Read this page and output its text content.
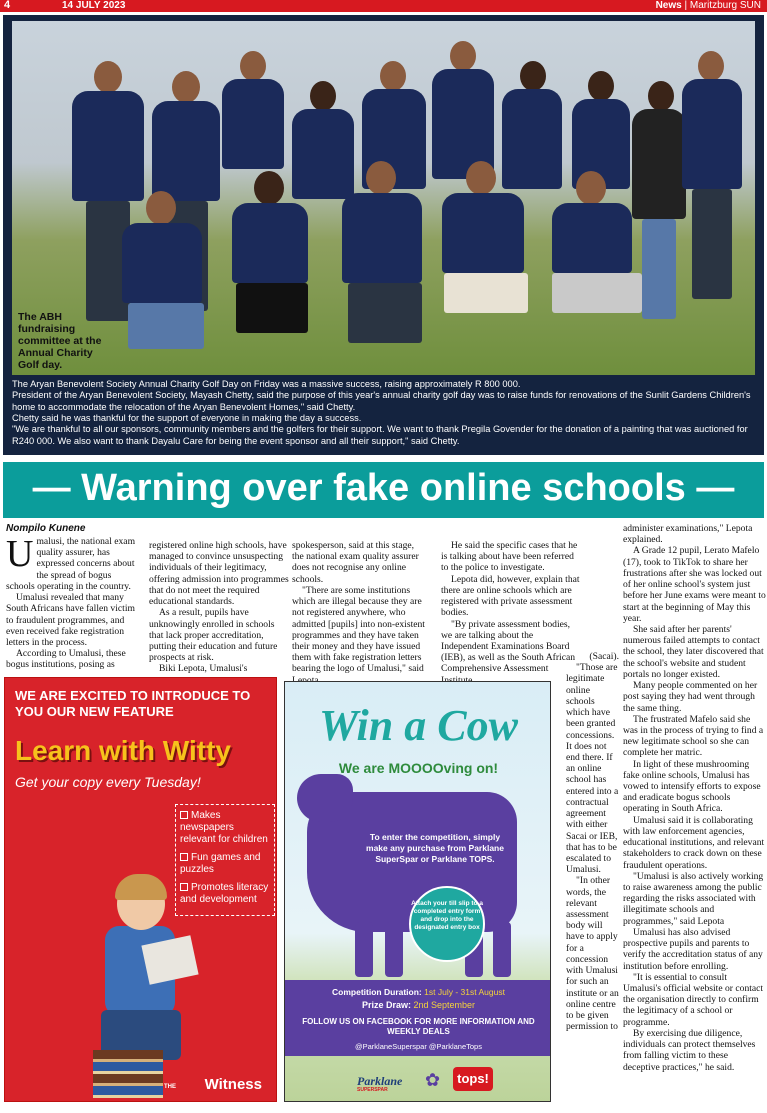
4	14 JULY 2023	News | Maritzburg SUN
The ABH fundraising committee at the Annual Charity Golf day.

The Aryan Benevolent Society Annual Charity Golf Day on Friday was a massive success, raising approximately R 800 000.

President of the Aryan Benevolent Society, Mayash Chetty, said the purpose of this year's annual charity golf day was to raise funds for renovations of the Sunlit Gardens Children's home to accommodate the relocation of the Aryan Benevolent Homes," said Chetty.

Chetty said he was thankful for the support of everyone in making the day a success.

"We are thankful to all our sponsors, community members and the golfers for their support. We want to thank Pregila Govender for the donation of a painting that was auctioned for R240 000. We also want to thank Dayalu Care for being the event sponsor and all their support," said Chetty.

— Warning over fake online schools —
Nompilo Kunene

Umalusi, the national exam quality assurer, has expressed concerns about the spread of bogus schools operating in the country.

Umalusi revealed that many South Africans have fallen victim to fraudulent programmes, and even received fake registration letters in the process.

According to Umalusi, these bogus institutions, posing as

registered online high schools, have managed to convince unsuspecting individuals of their legitimacy, offering admission into programmes that do not meet the required educational standards.

As a result, pupils have unknowingly enrolled in schools that lack proper accreditation, putting their education and future prospects at risk.

Biki Lepota, Umalusi's

spokesperson, said at this stage, the national exam quality assurer does not recognise any online schools.

"There are some institutions which are illegal because they are not registered anywhere, who admitted [pupils] into non-existent programmes and they have taken their money and they have issued them with fake registration letters bearing the logo of Umalusi," said

He said the specific cases that he is talking about have been referred to the police to investigate.

Lepota did, however, explain that there are online schools which are registered with private assessment bodies.

"By private assessment bodies, we are talking about the Independent Examinations Board (IEB), as well as the South African Comprehensive Assessment

(Sacai).

"Those are legitimate online schools which have been granted concessions. It does not end there. If an online school has entered into a contractual agreement with either Sacai or IEB, that has to be escalated to Umalusi.

"In other words, the relevant assessment body will have to apply for a concession with Umalusi for such an institute or an online centre to be given permission to

administer examinations," Lepota explained.

A Grade 12 pupil, Lerato Mafelo (17), took to TikTok to share her frustrations after she was locked out of her online school's system just before her June exams were meant to start at the beginning of May this year.

She said after her parents' numerous failed attempts to contact the school, they later discovered that the school's website and student portals no longer existed.

Many people commented on her post saying they had went through the same thing.

The frustrated Mafelo said she was in the process of trying to find a new legitimate school so she can complete her matric.

In light of these mushrooming fake online schools, Umalusi has vowed to intensify efforts to expose and eradicate bogus schools operating in South Africa.

Umalusi said it is collaborating with law enforcement agencies, educational institutions, and relevant stakeholders to crack down on these fraudulent operations.

"Umalusi is also actively working to raise awareness among the public regarding the risks associated with illegitimate schools and programmes," said Lepota

Umalusi has also advised prospective pupils and parents to verify the accreditation status of any institution before enrolling.

"It is essential to consult Umalusi's official website or contact the organisation directly to confirm the legitimacy of a school or programme.

By exercising due diligence, individuals can protect themselves from falling victim to these deceptive practices," he said.

WE ARE EXCITED TO INTRODUCE TO YOU OUR NEW FEATURE
Learn with Witty
Get your copy every Tuesday!
Makes newspapers relevant for children
Fun games and puzzles
Promotes literacy and development
THE Witness
Win a Cow
We are MOOOOving on!
To enter the competition, simply make any purchase from Parklane SuperSpar or Parklane TOPS.
Attach your till slip to a completed entry form and drop into the designated entry box
Competition Duration: 1st July - 31st August
Prize Draw: 2nd September
FOLLOW US ON FACEBOOK FOR MORE INFORMATION AND WEEKLY DEALS
@ParklaneSuperspar @ParklaneTops
Parklane
SUPERSPAR	✿	tops!
